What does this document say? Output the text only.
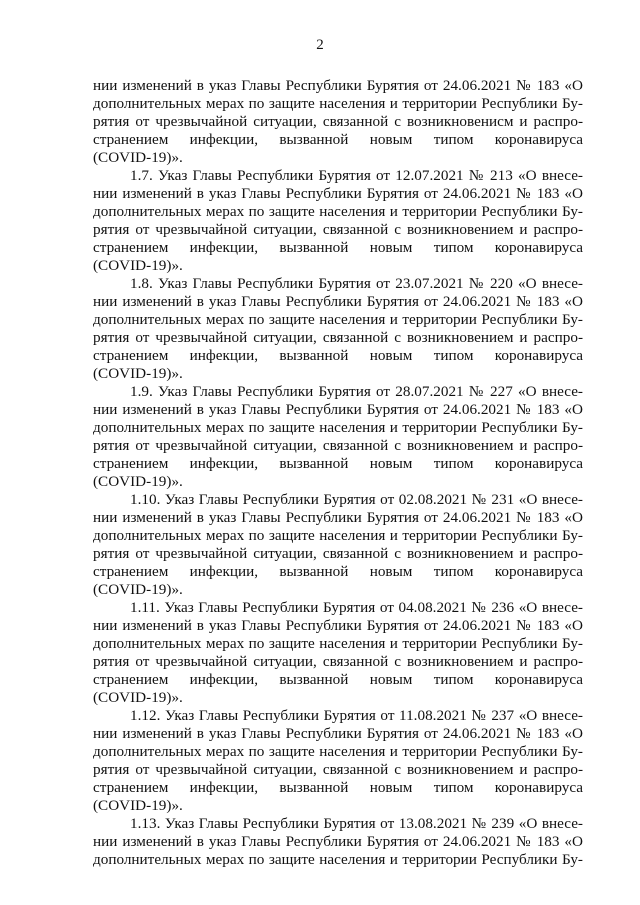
2
нии изменений в указ Главы Республики Бурятия от 24.06.2021 № 183 «О
дополнительных мерах по защите населения и территории Республики Бу-
рятия от чрезвычайной ситуации, связанной с возникновенисм и распро-
странением инфекции, вызванной новым типом коронавируса
(COVID-19)».
1.7. Указ Главы Республики Бурятия от 12.07.2021 № 213 «О внесе-
нии изменений в указ Главы Республики Бурятия от 24.06.2021 № 183 «О
дополнительных мерах по защите населения и территории Республики Бу-
рятия от чрезвычайной ситуации, связанной с возникновением и распро-
странением инфекции, вызванной новым типом коронавируса
(COVID-19)».
1.8. Указ Главы Республики Бурятия от 23.07.2021 № 220 «О внесе-
нии изменений в указ Главы Республики Бурятия от 24.06.2021 № 183 «О
дополнительных мерах по защите населения и территории Республики Бу-
рятия от чрезвычайной ситуации, связанной с возникновением и распро-
странением инфекции, вызванной новым типом коронавируса
(COVID-19)».
1.9. Указ Главы Республики Бурятия от 28.07.2021 № 227 «О внесе-
нии изменений в указ Главы Республики Бурятия от 24.06.2021 № 183 «О
дополнительных мерах по защите населения и территории Республики Бу-
рятия от чрезвычайной ситуации, связанной с возникновением и распро-
странением инфекции, вызванной новым типом коронавируса
(COVID-19)».
1.10. Указ Главы Республики Бурятия от 02.08.2021 № 231 «О внесе-
нии изменений в указ Главы Республики Бурятия от 24.06.2021 № 183 «О
дополнительных мерах по защите населения и территории Республики Бу-
рятия от чрезвычайной ситуации, связанной с возникновением и распро-
странением инфекции, вызванной новым типом коронавируса
(COVID-19)».
1.11. Указ Главы Республики Бурятия от 04.08.2021 № 236 «О внесе-
нии изменений в указ Главы Республики Бурятия от 24.06.2021 № 183 «О
дополнительных мерах по защите населения и территории Республики Бу-
рятия от чрезвычайной ситуации, связанной с возникновением и распро-
странением инфекции, вызванной новым типом коронавируса
(COVID-19)».
1.12. Указ Главы Республики Бурятия от 11.08.2021 № 237 «О внесе-
нии изменений в указ Главы Республики Бурятия от 24.06.2021 № 183 «О
дополнительных мерах по защите населения и территории Республики Бу-
рятия от чрезвычайной ситуации, связанной с возникновением и распро-
странением инфекции, вызванной новым типом коронавируса
(COVID-19)».
1.13. Указ Главы Республики Бурятия от 13.08.2021 № 239 «О внесе-
нии изменений в указ Главы Республики Бурятия от 24.06.2021 № 183 «О
дополнительных мерах по защите населения и территории Республики Бу-
